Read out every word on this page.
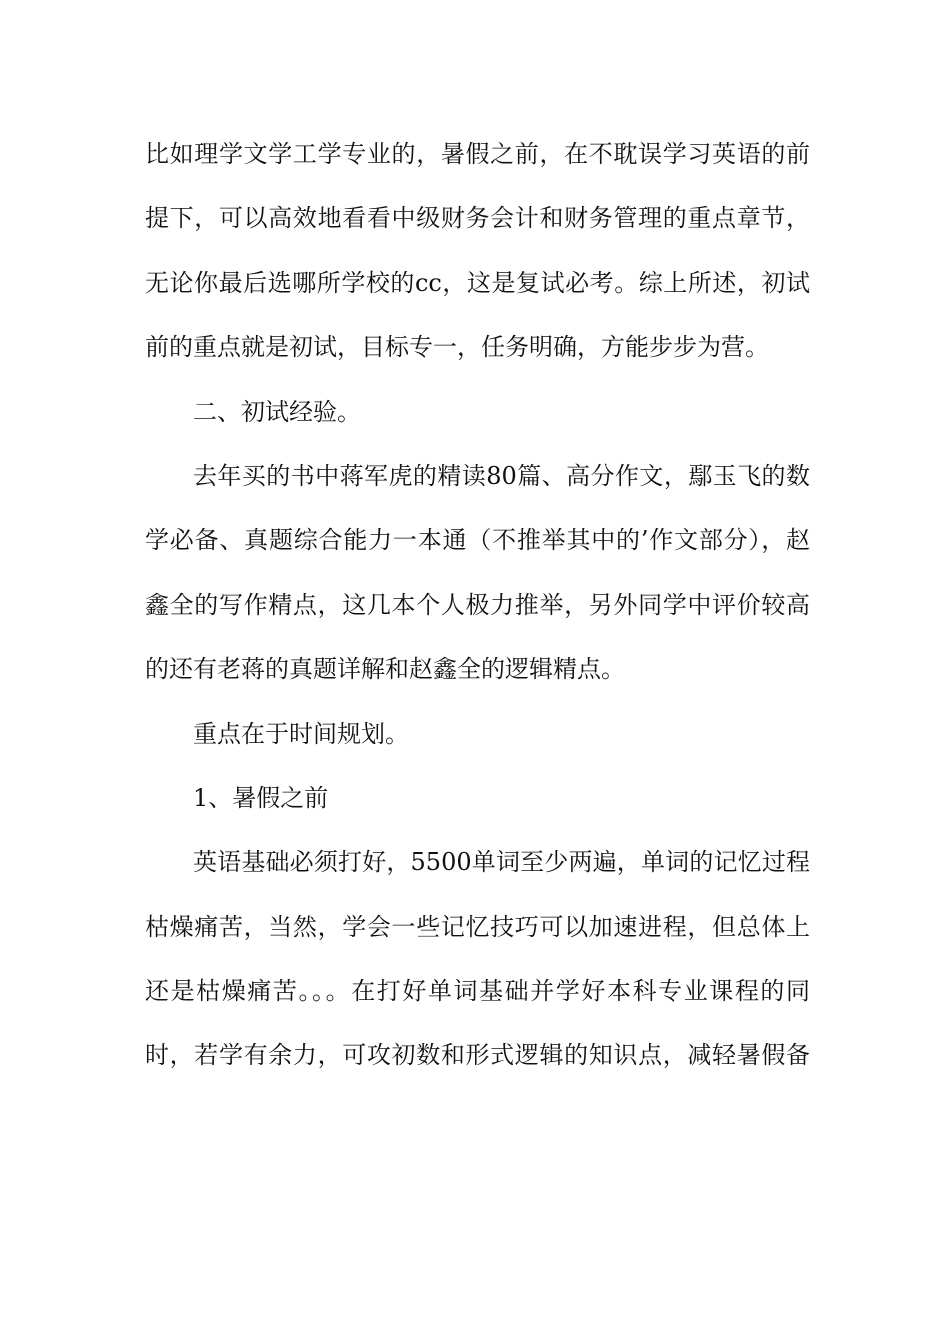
比如理学文学工学专业的，暑假之前，在不耽误学习英语的前
提下，可以高效地看看中级财务会计和财务管理的重点章节，
无论你最后选哪所学校的cc，这是复试必考。综上所述，初试
前的重点就是初试，目标专一，任务明确，方能步步为营。
二、初试经验。
去年买的书中蒋军虎的精读80篇、高分作文，鄢玉飞的数
学必备、真题综合能力一本通（不推举其中的’作文部分），赵
鑫全的写作精点，这几本个人极力推举，另外同学中评价较高
的还有老蒋的真题详解和赵鑫全的逻辑精点。
重点在于时间规划。
1、暑假之前
英语基础必须打好，5500单词至少两遍，单词的记忆过程
枯燥痛苦，当然，学会一些记忆技巧可以加速进程，但总体上
还是枯燥痛苦。。。在打好单词基础并学好本科专业课程的同
时，若学有余力，可攻初数和形式逻辑的知识点，减轻暑假备
